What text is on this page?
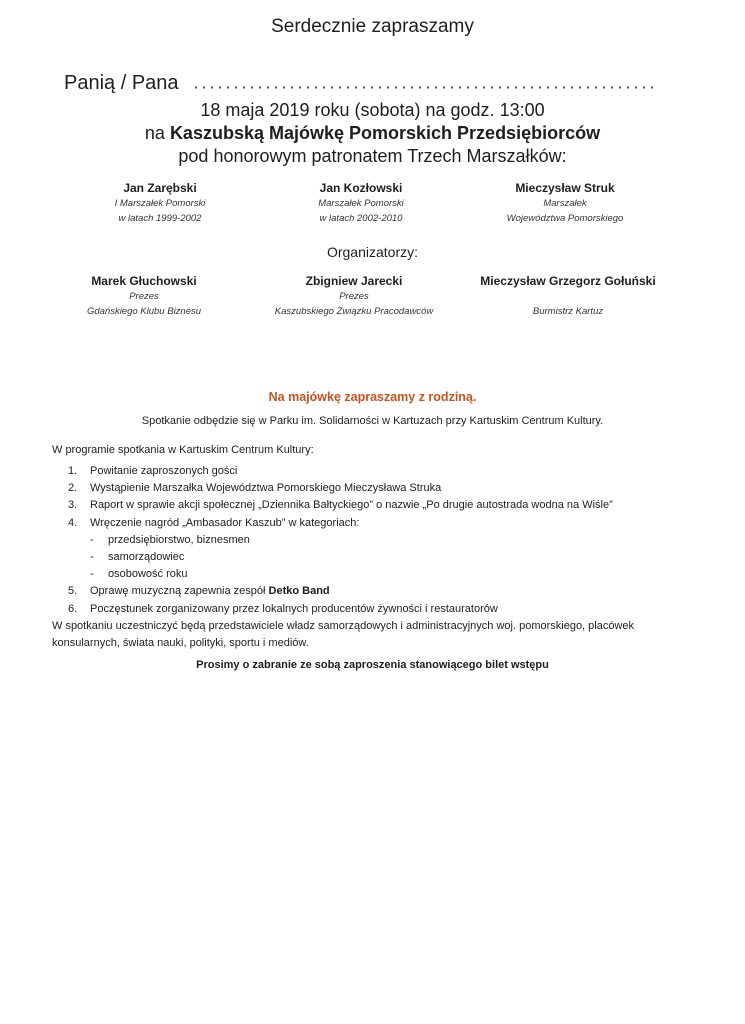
Serdecznie zapraszamy
Panią / Pana
18 maja 2019 roku (sobota) na godz. 13:00
na Kaszubską Majówkę Pomorskich Przedsiębiorców
pod honorowym patronatem Trzech Marszałków:
Jan Zarębski
I Marszałek Pomorski
w latach 1999-2002
Jan Kozłowski
Marszałek Pomorski
w latach 2002-2010
Mieczysław Struk
Marszałek
Województwa Pomorskiego
Organizatorzy:
Marek Głuchowski
Prezes
Gdańskiego Klubu Biznesu
Zbigniew Jarecki
Prezes
Kaszubskiego Związku Pracodawców
Mieczysław Grzegorz Gołuński
Burmistrz Kartuz
Na majówkę zapraszamy z rodziną.
Spotkanie odbędzie się w Parku im. Solidarności w Kartuzach przy Kartuskim Centrum Kultury.
W programie spotkania w Kartuskim Centrum Kultury:
1.	Powitanie zaproszonych gości
2.	Wystąpienie Marszałka Województwa Pomorskiego Mieczysława Struka
3.	Raport w sprawie akcji społecznej „Dziennika Bałtyckiego” o nazwie „Po drugie autostrada wodna na Wiśle”
4.	Wręczenie nagród „Ambasador Kaszub” w kategoriach:
-	przedsiębiorstwo, biznesmen
-	samorządowiec
-	osobowość roku
5.	Oprawę muzyczną zapewnia zespół Detko Band
6.	Poczęstunek zorganizowany przez lokalnych producentów żywności i restauratorów
W spotkaniu uczestniczyć będą przedstawiciele władz samorządowych i administracyjnych woj. pomorskiego, placówek konsularnych, świata nauki, polityki, sportu i mediów.
Prosimy o zabranie ze sobą zaproszenia stanowiącego bilet wstępu
